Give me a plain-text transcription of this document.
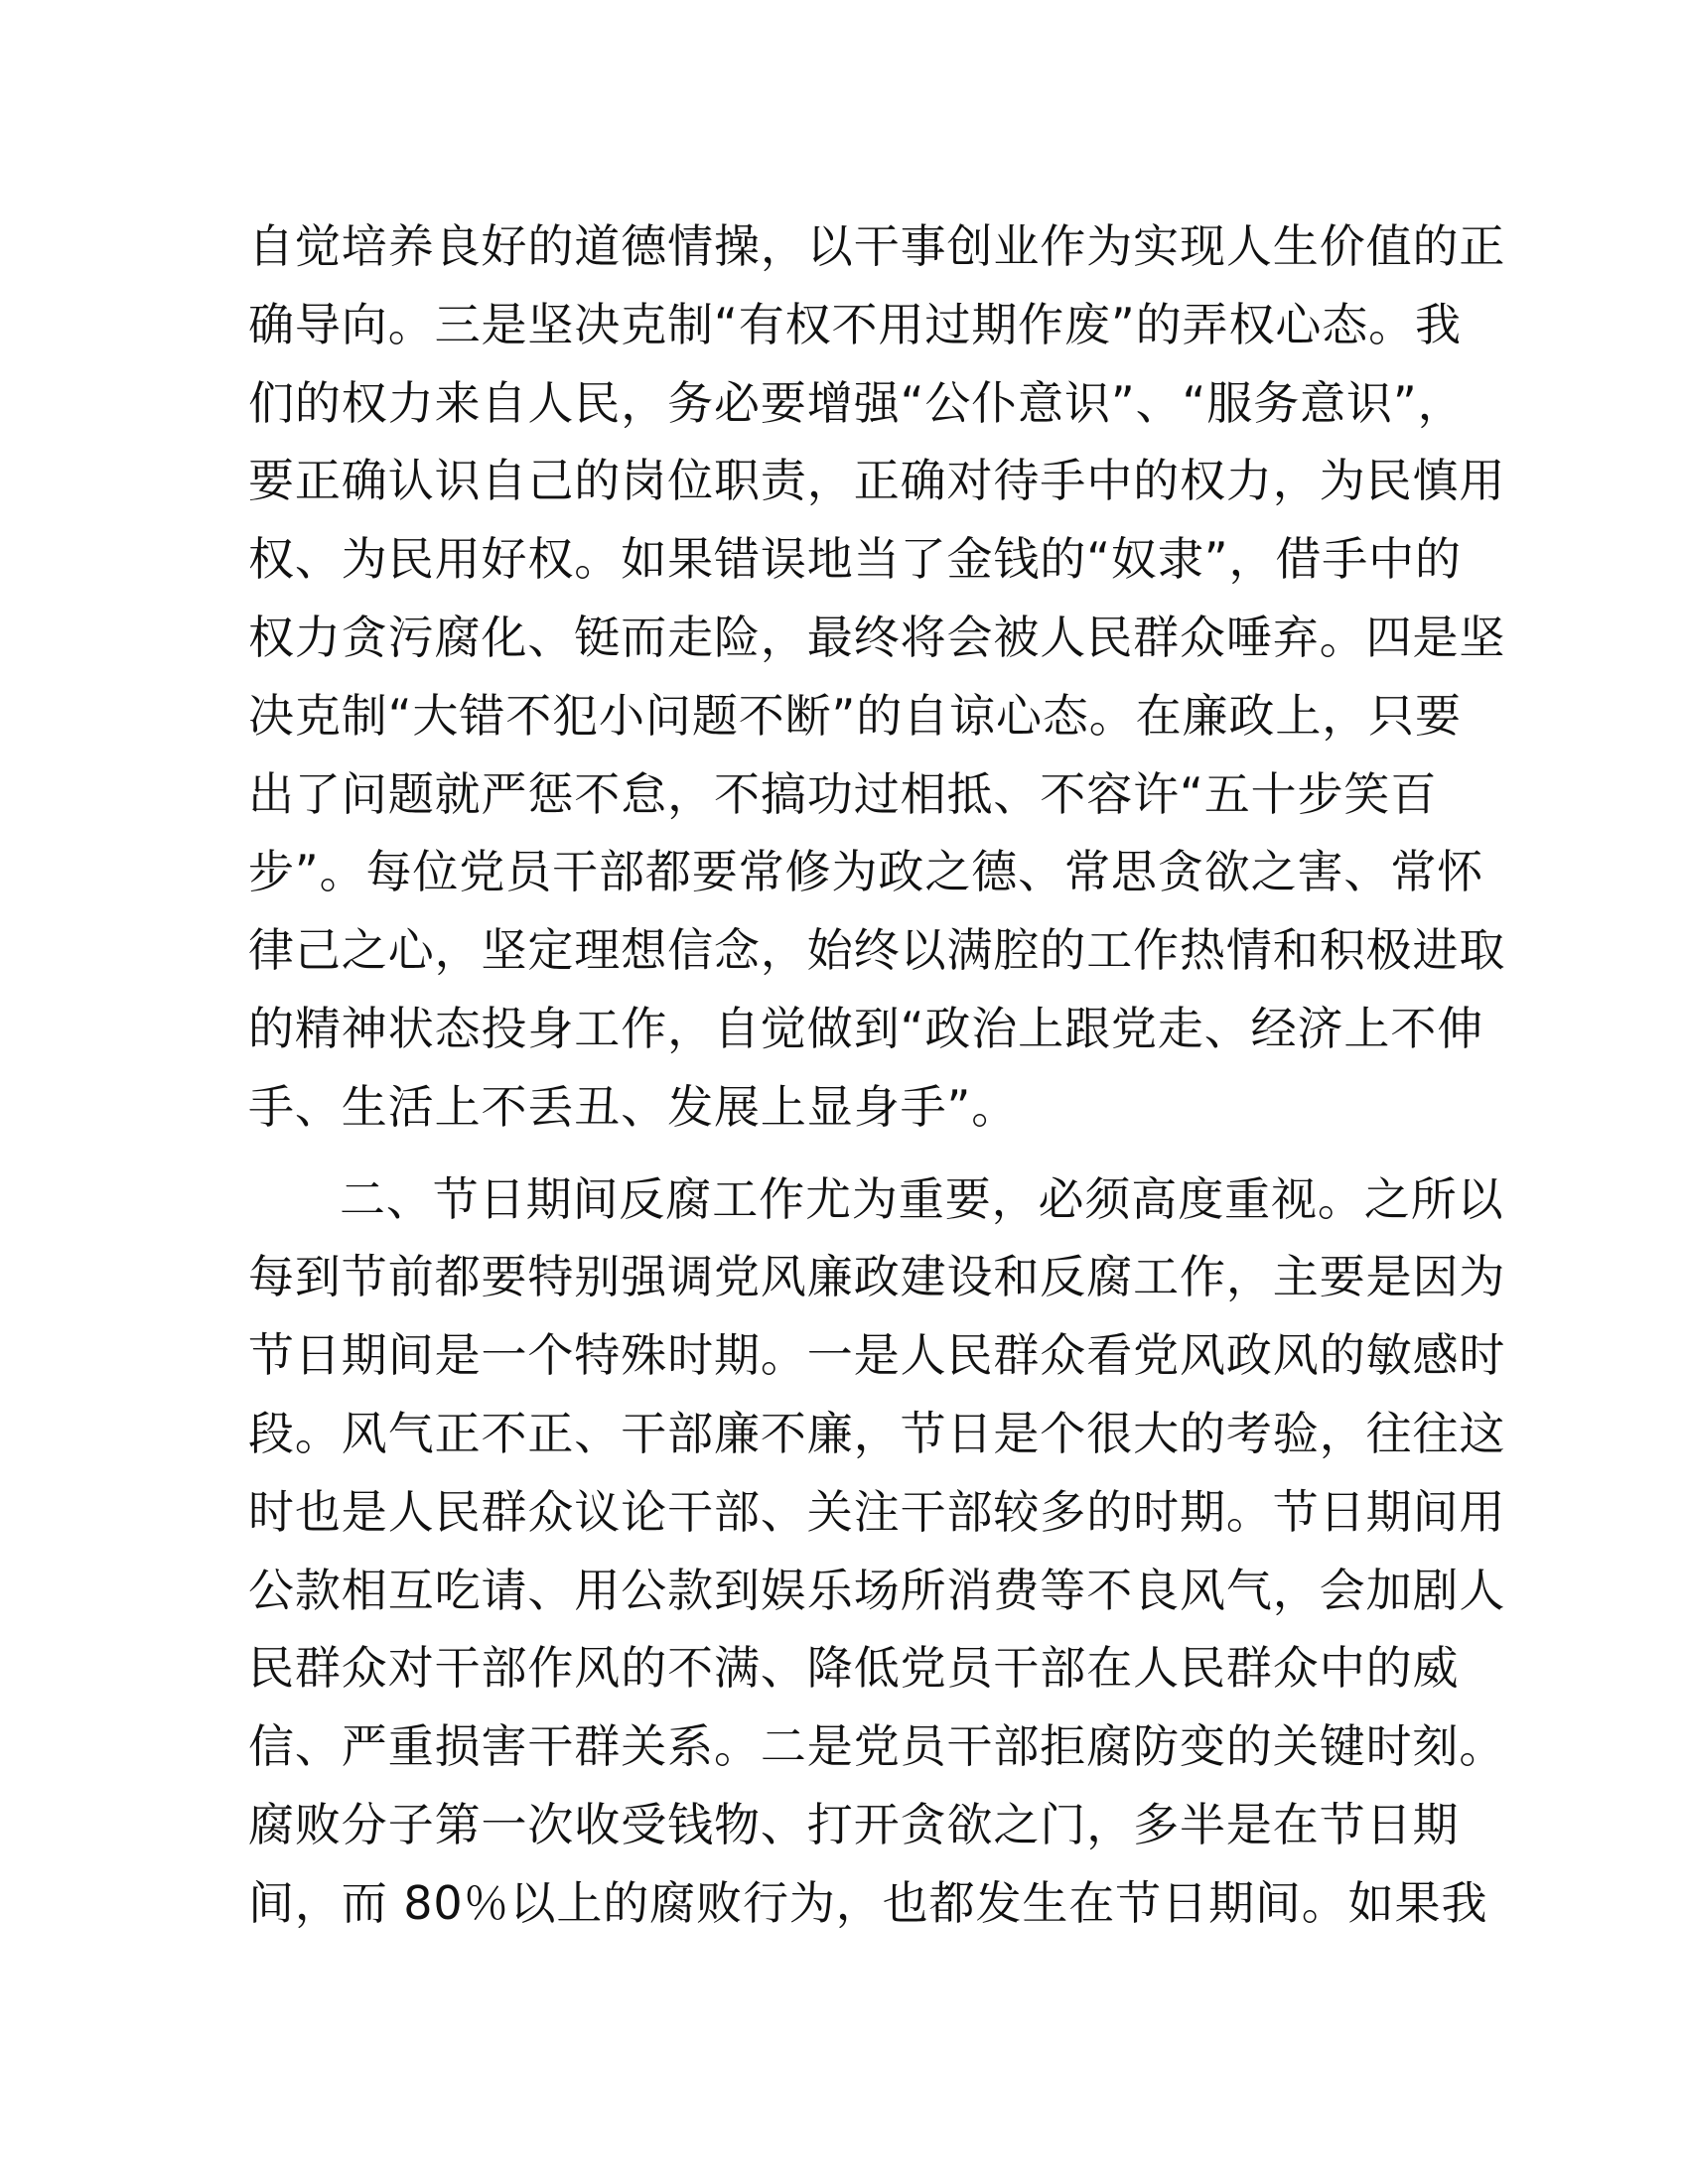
自觉培养良好的道德情操，以干事创业作为实现人生价值的正
确导向。三是坚决克制“有权不用过期作废”的弄权心态。我
们的权力来自人民，务必要增强“公仆意识”、“服务意识”，
要正确认识自己的岗位职责，正确对待手中的权力，为民慎用
权、为民用好权。如果错误地当了金钱的“奴隶”，借手中的
权力贪污腐化、铤而走险，最终将会被人民群众唾弃。四是坚
决克制“大错不犯小问题不断”的自谅心态。在廉政上，只要
出了问题就严惩不怠，不搞功过相抵、不容许“五十步笑百
步”。每位党员干部都要常修为政之德、常思贪欲之害、常怀
律己之心，坚定理想信念，始终以满腔的工作热情和积极进取
的精神状态投身工作，自觉做到“政治上跟党走、经济上不伸
手、生活上不丢丑、发展上显身手”。
二、节日期间反腐工作尤为重要，必须高度重视。之所以
每到节前都要特别强调党风廉政建设和反腐工作，主要是因为
节日期间是一个特殊时期。一是人民群众看党风政风的敏感时
段。风气正不正、干部廉不廉，节日是个很大的考验，往往这
时也是人民群众议论干部、关注干部较多的时期。节日期间用
公款相互吃请、用公款到娱乐场所消费等不良风气，会加剧人
民群众对干部作风的不满、降低党员干部在人民群众中的威
信、严重损害干群关系。二是党员干部拒腐防变的关键时刻。
腐败分子第一次收受钱物、打开贪欲之门，多半是在节日期
间，而 80％以上的腐败行为，也都发生在节日期间。如果我
